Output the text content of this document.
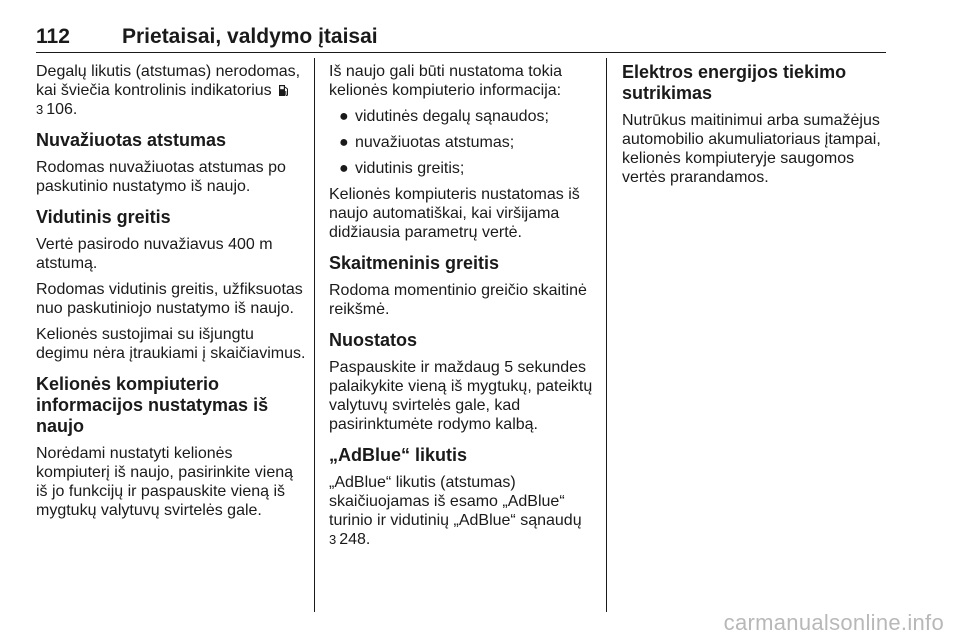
112 Prietaisai, valdymo įtaisai

Degalų likutis (atstumas) nerodomas, kai šviečia kontrolinis indikatorius
3 106.

Nuvažiuotas atstumas

Rodomas nuvažiuotas atstumas po paskutinio nustatymo iš naujo.

Vidutinis greitis

Vertė pasirodo nuvažiavus 400 m atstumą.

Rodomas vidutinis greitis, užfiksuotas nuo paskutiniojo nustatymo iš naujo.

Kelionės sustojimai su išjungtu degimu nėra įtraukiami į skaičiavimus.

Kelionės kompiuterio informacijos nustatymas iš naujo

Norėdami nustatyti kelionės kompiuterį iš naujo, pasirinkite vieną iš jo funkcijų ir paspauskite vieną iš mygtukų valytuvų svirtelės gale.

Iš naujo gali būti nustatoma tokia kelionės kompiuterio informacija:

● vidutinės degalų sąnaudos;
● nuvažiuotas atstumas;
● vidutinis greitis;

Kelionės kompiuteris nustatomas iš naujo automatiškai, kai viršijama didžiausia parametrų vertė.

Skaitmeninis greitis

Rodoma momentinio greičio skaitinė reikšmė.

Nuostatos

Paspauskite ir maždaug 5 sekundes palaikykite vieną iš mygtukų, pateiktų valytuvų svirtelės gale, kad pasirinktumėte rodymo kalbą.

„AdBlue“ likutis

„AdBlue“ likutis (atstumas) skaičiuojamas iš esamo „AdBlue“ turinio ir vidutinių „AdBlue“ sąnaudų
3 248.

Elektros energijos tiekimo sutrikimas

Nutrūkus maitinimui arba sumažėjus automobilio akumuliatoriaus įtampai, kelionės kompiuteryje saugomos vertės prarandamos.

carmanualsonline.info
